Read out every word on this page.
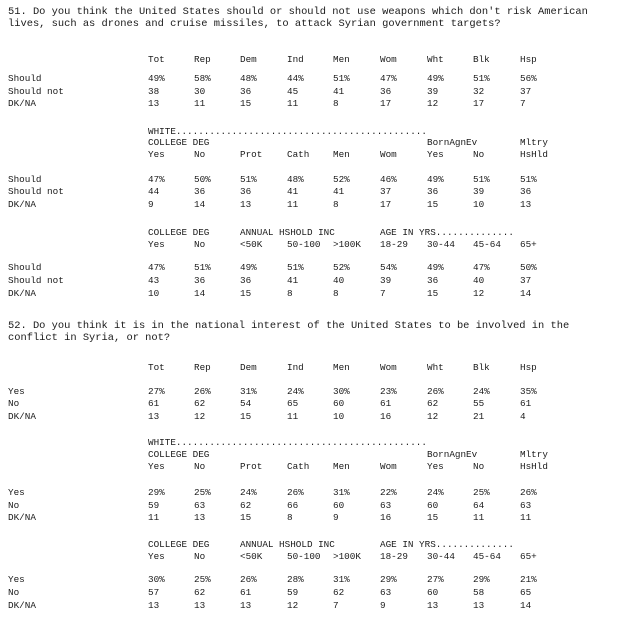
51. Do you think the United States should or should not use weapons which don't risk American lives, such as drones and cruise missiles, to attack Syrian government targets?
Tot	Rep	Dem	Ind	Men	Wom	Wht	Blk	Hsp
Should	49%	58%	48%	44%	51%	47%	49%	51%	56%
Should not	38	30	36	45	41	36	39	32	37
DK/NA	13	11	15	11	8	17	12	17	7
WHITE.............................................
COLLEGE DEG	BornAgnEv	Mltry
Yes	No	Prot	Cath	Men	Wom	Yes	No	HsHld
Should	47%	50%	51%	48%	52%	46%	49%	51%	51%
Should not	44	36	36	41	41	37	36	39	36
DK/NA	9	14	13	11	8	17	15	10	13
COLLEGE DEG	ANNUAL HSHOLD INC	AGE IN YRS..............
Yes	No	<50K	50-100 >100K 18-29 30-44 45-64 65+
Should	47%	51%	49%	51%	52%	54%	49%	47%	50%
Should not	43	36	36	41	40	39	36	40	37
DK/NA	10	14	15	8	8	7	15	12	14
52. Do you think it is in the national interest of the United States to be involved in the conflict in Syria, or not?
Tot	Rep	Dem	Ind	Men	Wom	Wht	Blk	Hsp
Yes	27%	26%	31%	24%	30%	23%	26%	24%	35%
No	61	62	54	65	60	61	62	55	61
DK/NA	13	12	15	11	10	16	12	21	4
WHITE.............................................
COLLEGE DEG	BornAgnEv	Mltry
Yes	No	Prot	Cath	Men	Wom	Yes	No	HsHld
Yes	29%	25%	24%	26%	31%	22%	24%	25%	26%
No	59	63	62	66	60	63	60	64	63
DK/NA	11	13	15	8	9	16	15	11	11
COLLEGE DEG	ANNUAL HSHOLD INC	AGE IN YRS..............
Yes	No	<50K	50-100 >100K 18-29 30-44 45-64 65+
Yes	30%	25%	26%	28%	31%	29%	27%	29%	21%
No	57	62	61	59	62	63	60	58	65
DK/NA	13	13	13	12	7	9	13	13	14
